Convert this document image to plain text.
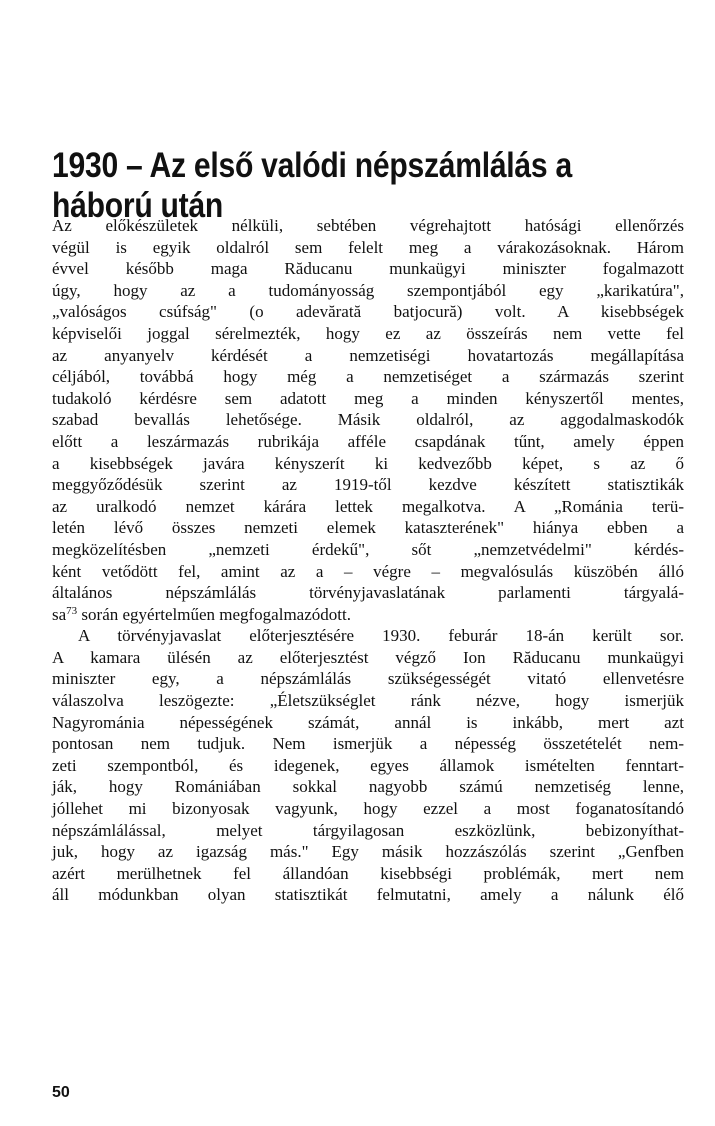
1930 – Az első valódi népszámlálás a
háború után
Az előkészületek nélküli, sebtében végrehajtott hatósági ellenőrzés
végül is egyik oldalról sem felelt meg a várakozásoknak. Három
évvel később maga Răducanu munkaügyi miniszter fogalmazott
úgy, hogy az a tudományosság szempontjából egy „karikatúra",
„valóságos csúfság" (o adevărată batjocură) volt. A kisebbségek
képviselői joggal sérelmezték, hogy ez az összeírás nem vette fel
az anyanyelv kérdését a nemzetiségi hovatartozás megállapítása
céljából, továbbá hogy még a nemzetiséget a származás szerint
tudakoló kérdésre sem adatott meg a minden kényszertől mentes,
szabad bevallás lehetősége. Másik oldalról, az aggodalmaskodók
előtt a leszármazás rubrikája afféle csapdának tűnt, amely éppen
a kisebbségek javára kényszerít ki kedvezőbb képet, s az ő
meggyőződésük szerint az 1919-től kezdve készített statisztikák
az uralkodó nemzet kárára lettek megalkotva. A „Románia terü-
letén lévő összes nemzeti elemek kataszterének" hiánya ebben a
megközelítésben „nemzeti érdekű", sőt „nemzetvédelmi" kérdés-
ként vetődött fel, amint az a – végre – megvalósulás küszöbén álló
általános népszámlálás törvényjavaslatának parlamenti tárgyalá-
$sa^{73}$ során egyértelműen megfogalmazódott.
A törvényjavaslat előterjesztésére 1930. feburár 18-án került sor.
A kamara ülésén az előterjesztést végző Ion Răducanu munkaügyi
miniszter egy, a népszámlálás szükségességét vitató ellenvetésre
válaszolva leszögezte: „Életszükséglet ránk nézve, hogy ismerjük
Nagyrománia népességének számát, annál is inkább, mert azt
pontosan nem tudjuk. Nem ismerjük a népesség összetételét nem-
zeti szempontból, és idegenek, egyes államok ismételten fenntart-
ják, hogy Romániában sokkal nagyobb számú nemzetiség lenne,
jóllehet mi bizonyosak vagyunk, hogy ezzel a most foganatosítandó
népszámlálással, melyet tárgyilagosan eszközlünk, bebizonyíthat-
juk, hogy az igazság más." Egy másik hozzászólás szerint „Genfben
azért merülhetnek fel állandóan kisebbségi problémák, mert nem
áll módunkban olyan statisztikát felmutatni, amely a nálunk élő
50
